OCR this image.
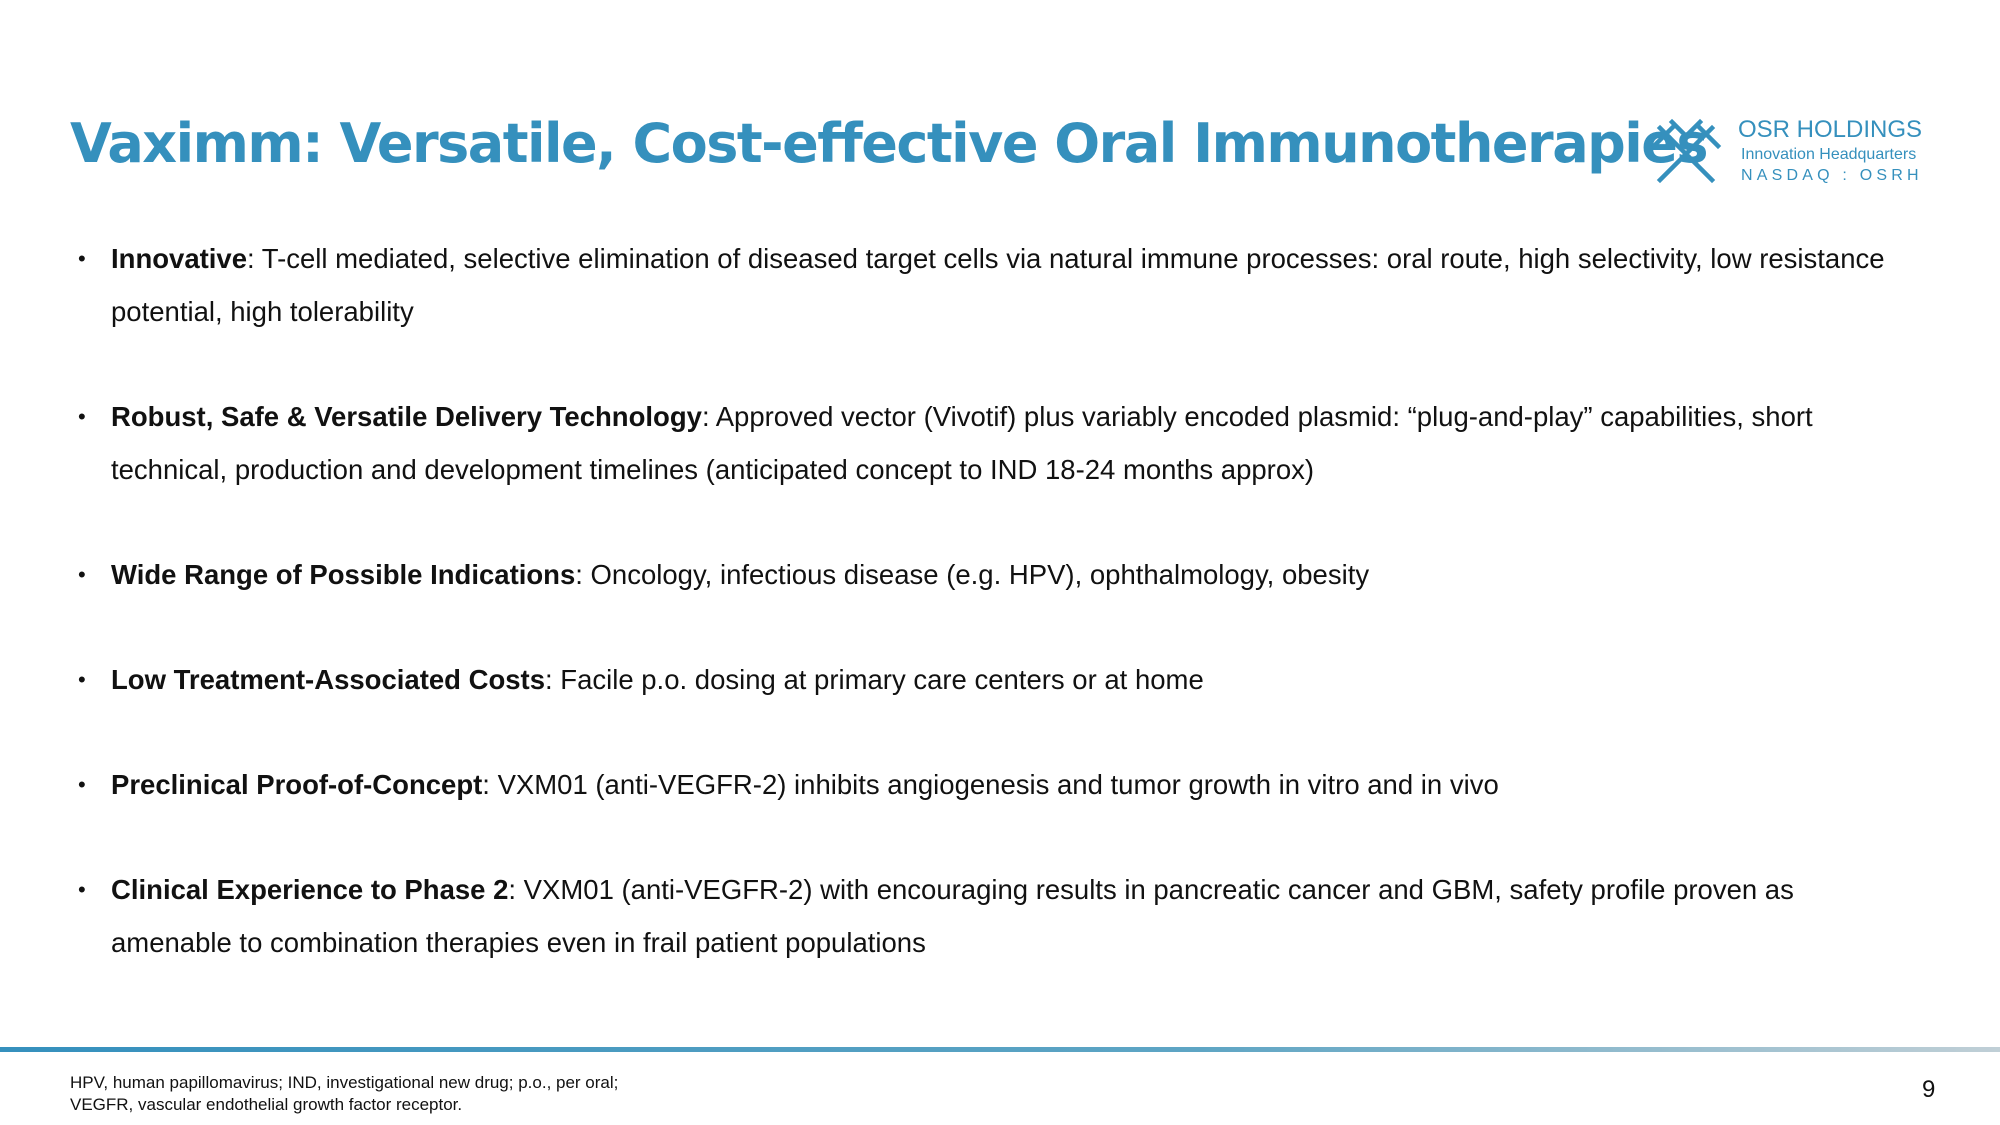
Vaximm: Versatile, Cost-effective Oral Immunotherapies OSR HOLDINGS
Innovation Headquarters
NASDAQ : OSRH
• Innovative: T-cell mediated, selective elimination of diseased target cells via natural immune processes: oral route, high selectivity, low resistance potential, high tolerability
• Robust, Safe & Versatile Delivery Technology: Approved vector (Vivotif) plus variably encoded plasmid: “plug-and-play” capabilities, short technical, production and development timelines (anticipated concept to IND 18-24 months approx)
• Wide Range of Possible Indications: Oncology, infectious disease (e.g. HPV), ophthalmology, obesity
• Low Treatment-Associated Costs: Facile p.o. dosing at primary care centers or at home
• Preclinical Proof-of-Concept: VXM01 (anti-VEGFR-2) inhibits angiogenesis and tumor growth in vitro and in vivo
• Clinical Experience to Phase 2: VXM01 (anti-VEGFR-2) with encouraging results in pancreatic cancer and GBM, safety profile proven as amenable to combination therapies even in frail patient populations
HPV, human papillomavirus; IND, investigational new drug; p.o., per oral;
VEGFR, vascular endothelial growth factor receptor.
9
